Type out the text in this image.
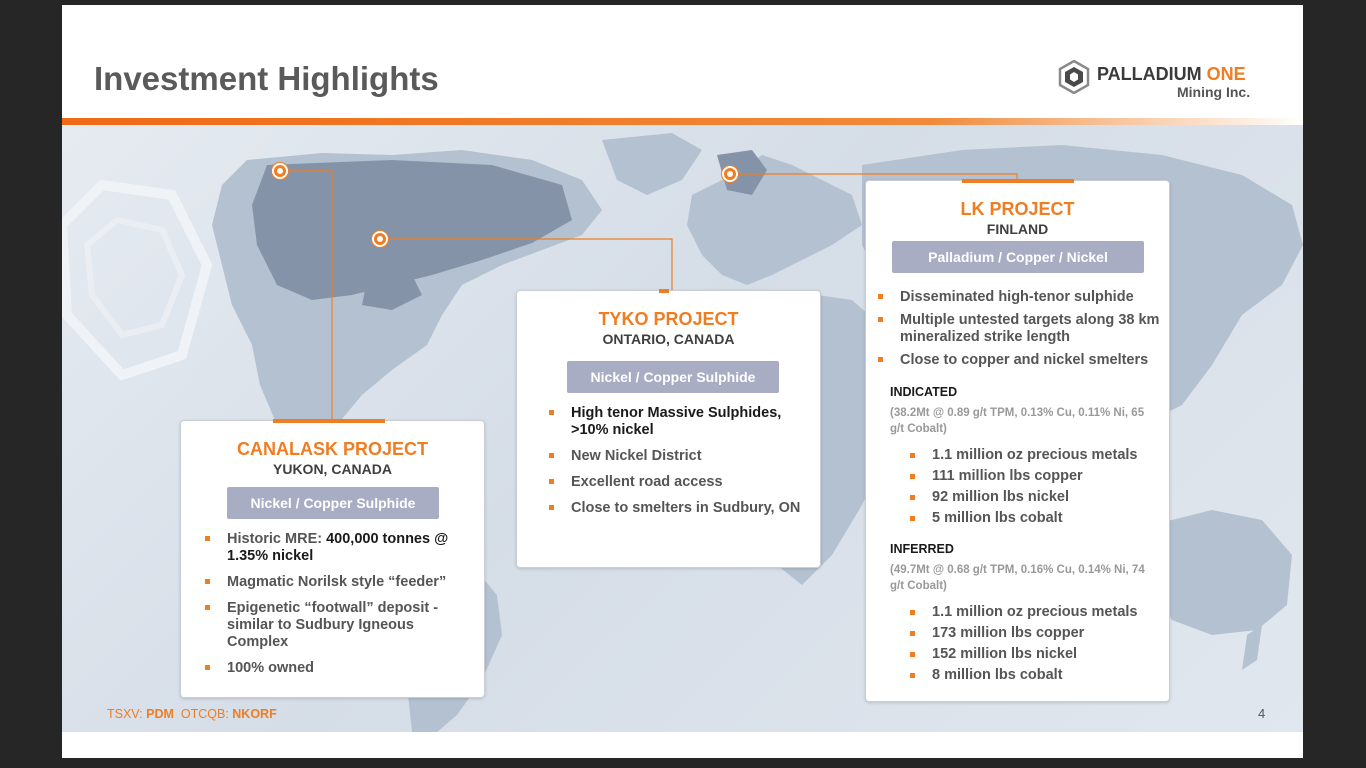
Investment Highlights	PALLADIUM ONE
Mining Inc.
CANALASK PROJECT
YUKON, CANADA
Nickel / Copper Sulphide
Historic MRE: 400,000 tonnes @ 1.35% nickel
Magmatic Norilsk style “feeder”
Epigenetic “footwall” deposit - similar to Sudbury Igneous Complex
100% owned
TYKO PROJECT
ONTARIO, CANADA
Nickel / Copper Sulphide
High tenor Massive Sulphides, >10% nickel
New Nickel District
Excellent road access
Close to smelters in Sudbury, ON
LK PROJECT
FINLAND
Palladium / Copper / Nickel
Disseminated high-tenor sulphide
Multiple untested targets along 38 km mineralized strike length
Close to copper and nickel smelters
INDICATED
(38.2Mt @ 0.89 g/t TPM, 0.13% Cu, 0.11% Ni, 65 g/t Cobalt)
1.1 million oz precious metals
111 million lbs copper
92 million lbs nickel
5 million lbs cobalt
INFERRED
(49.7Mt @ 0.68 g/t TPM, 0.16% Cu, 0.14% Ni, 74 g/t Cobalt)
1.1 million oz precious metals
173 million lbs copper
152 million lbs nickel
8 million lbs cobalt
TSXV: PDM OTCQB: NKORF	4
